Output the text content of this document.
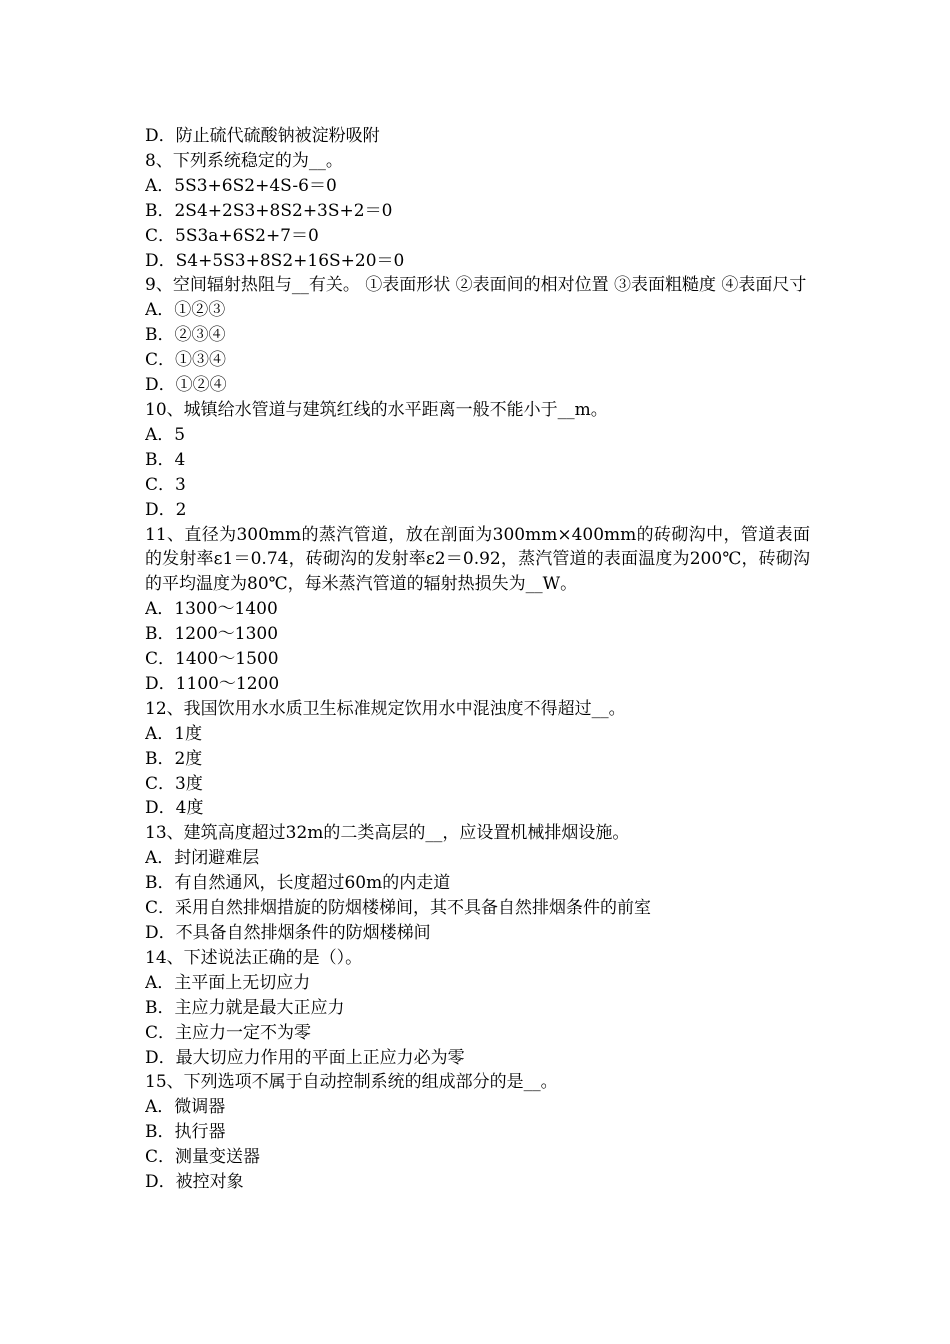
D．防止硫代硫酸钠被淀粉吸附
8、下列系统稳定的为__。
A．5S3+6S2+4S-6＝0
B．2S4+2S3+8S2+3S+2＝0
C．5S3a+6S2+7＝0
D．S4+5S3+8S2+16S+20＝0
9、空间辐射热阻与__有关。 ①表面形状 ②表面间的相对位置 ③表面粗糙度 ④表面尺寸
A．①②③
B．②③④
C．①③④
D．①②④
10、城镇给水管道与建筑红线的水平距离一般不能小于__m。
A．5
B．4
C．3
D．2
11、直径为300mm的蒸汽管道，放在剖面为300mm×400mm的砖砌沟中，管道表面的发射率ε1＝0.74，砖砌沟的发射率ε2＝0.92，蒸汽管道的表面温度为200℃，砖砌沟的平均温度为80℃，每米蒸汽管道的辐射热损失为__W。
A．1300～1400
B．1200～1300
C．1400～1500
D．1100～1200
12、我国饮用水水质卫生标准规定饮用水中混浊度不得超过__。
A．1度
B．2度
C．3度
D．4度
13、建筑高度超过32m的二类高层的__，应设置机械排烟设施。
A．封闭避难层
B．有自然通风，长度超过60m的内走道
C．采用自然排烟措旋的防烟楼梯间，其不具备自然排烟条件的前室
D．不具备自然排烟条件的防烟楼梯间
14、下述说法正确的是（）。
A．主平面上无切应力
B．主应力就是最大正应力
C．主应力一定不为零
D．最大切应力作用的平面上正应力必为零
15、下列选项不属于自动控制系统的组成部分的是__。
A．微调器
B．执行器
C．测量变送器
D．被控对象
